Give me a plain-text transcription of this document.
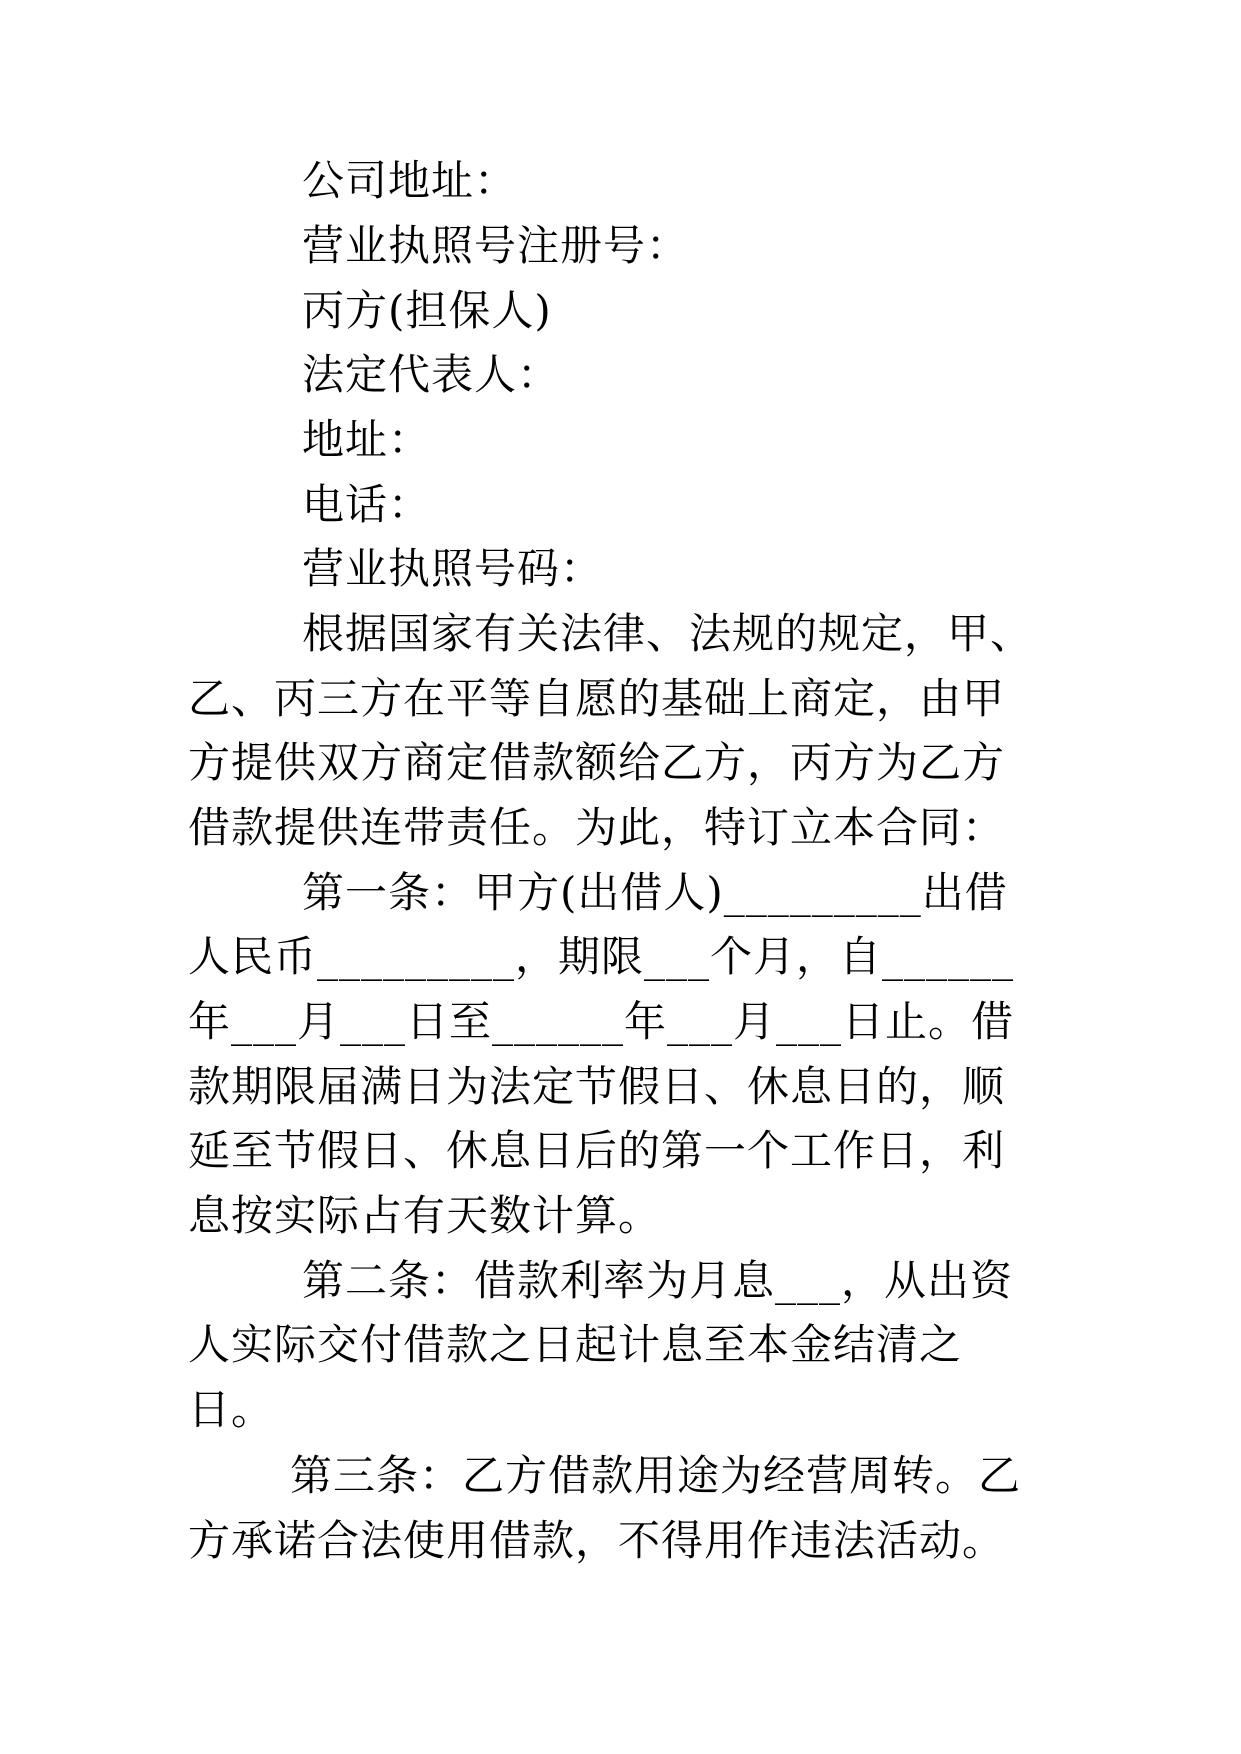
公司地址：
营业执照号注册号：
丙方(担保人)
法定代表人：
地址：
电话：
营业执照号码：
根据国家有关法律、法规的规定，甲、
乙、丙三方在平等自愿的基础上商定，由甲
方提供双方商定借款额给乙方，丙方为乙方
借款提供连带责任。为此，特订立本合同：
第一条：甲方(出借人)_________出借
人民币_________，期限___个月，自______
年___月___日至______年___月___日止。借
款期限届满日为法定节假日、休息日的，顺
延至节假日、休息日后的第一个工作日，利
息按实际占有天数计算。
第二条：借款利率为月息___，从出资
人实际交付借款之日起计息至本金结清之
日。
第三条：乙方借款用途为经营周转。乙
方承诺合法使用借款，不得用作违法活动。
